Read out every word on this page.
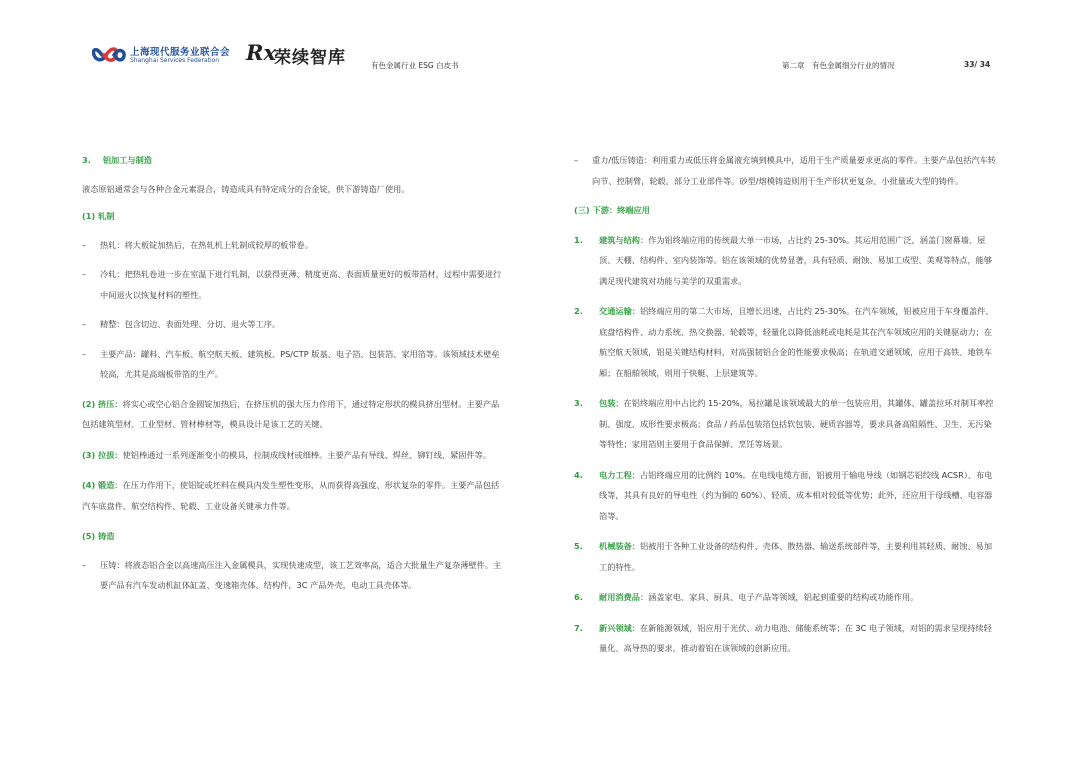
上海现代服务业联合会
Shanghai Services Federation Rx
荣续智库	有色金属行业 ESG 白皮书	第二章　有色金属细分行业的情况	33/ 34

3. 铝加工与制造

液态原铝通常会与各种合金元素混合，铸造成具有特定成分的合金锭，供下游铸造厂使用。

(1) 轧制

– 热轧：将大板锭加热后，在热轧机上轧制成较厚的板带卷。

– 冷轧：把热轧卷进一步在室温下进行轧制，以获得更薄、精度更高、表面质量更好的板带箔材，过程中需要进行中间退火以恢复材料的塑性。

– 精整：包含切边、表面处理、分切、退火等工序。

– 主要产品：罐料、汽车板、航空航天板、建筑板、PS/CTP 版基、电子箔、包装箔、家用箔等。该领域技术壁垒较高，尤其是高端板带箔的生产。

(2) 挤压：将实心或空心铝合金圆锭加热后，在挤压机的强大压力作用下，通过特定形状的模具挤出型材。主要产品包括建筑型材、工业型材、管材棒材等，模具设计是该工艺的关键。

(3) 拉拔：使铝棒通过一系列逐渐变小的模具，拉制成线材或细棒。主要产品有导线、焊丝、铆钉线、紧固件等。

(4) 锻造：在压力作用下，使铝锭或坯料在模具内发生塑性变形，从而获得高强度、形状复杂的零件。主要产品包括汽车底盘件、航空结构件、轮毂、工业设备关键承力件等。

(5) 铸造

– 压铸：将液态铝合金以高速高压注入金属模具，实现快速成型，该工艺效率高，适合大批量生产复杂薄壁件。主要产品有汽车发动机缸体缸盖、变速箱壳体、结构件，3C 产品外壳，电动工具壳体等。

– 重力/低压铸造：利用重力或低压将金属液充填到模具中，适用于生产质量要求更高的零件。主要产品包括汽车转向节、控制臂，轮毂，部分工业部件等。砂型/熔模铸造则用于生产形状更复杂、小批量或大型的铸件。

(三) 下游：终端应用

1. 建筑与结构：作为铝终端应用的传统最大单一市场，占比约 25-30%。其运用范围广泛，涵盖门窗幕墙、屋顶、天棚、结构件、室内装饰等。铝在该领域的优势显著，具有轻质、耐蚀、易加工成型、美观等特点，能够满足现代建筑对功能与美学的双重需求。

2. 交通运输：铝终端应用的第二大市场，且增长迅速，占比约 25-30%。在汽车领域，铝被应用于车身覆盖件、底盘结构件、动力系统、热交换器、轮毂等，轻量化以降低油耗或电耗是其在汽车领域应用的关键驱动力；在航空航天领域，铝是关键结构材料，对高强韧铝合金的性能要求极高；在轨道交通领域，应用于高铁、地铁车厢；在船舶领域，则用于快艇、上层建筑等。

3. 包装：在铝终端应用中占比约 15-20%，易拉罐是该领域最大的单一包装应用，其罐体、罐盖拉环对制耳率控制、强度、成形性要求极高；食品 / 药品包装箔包括软包装、硬质容器等，要求具备高阻隔性、卫生、无污染等特性；家用箔则主要用于食品保鲜、烹饪等场景。

4. 电力工程：占铝终端应用的比例约 10%。在电线电缆方面，铝被用于输电导线（如钢芯铝绞线 ACSR）、布电线等，其具有良好的导电性（约为铜的 60%）、轻质、成本相对较低等优势；此外，还应用于母线槽、电容器箔等。

5. 机械装备：铝被用于各种工业设备的结构件、壳体、散热器、输送系统部件等，主要利用其轻质、耐蚀、易加工的特性。

6. 耐用消费品：涵盖家电、家具、厨具、电子产品等领域，铝起到重要的结构或功能作用。

7. 新兴领域：在新能源领域，铝应用于光伏、动力电池、储能系统等；在 3C 电子领域，对铝的需求呈现持续轻量化、高导热的要求，推动着铝在该领域的创新应用。
